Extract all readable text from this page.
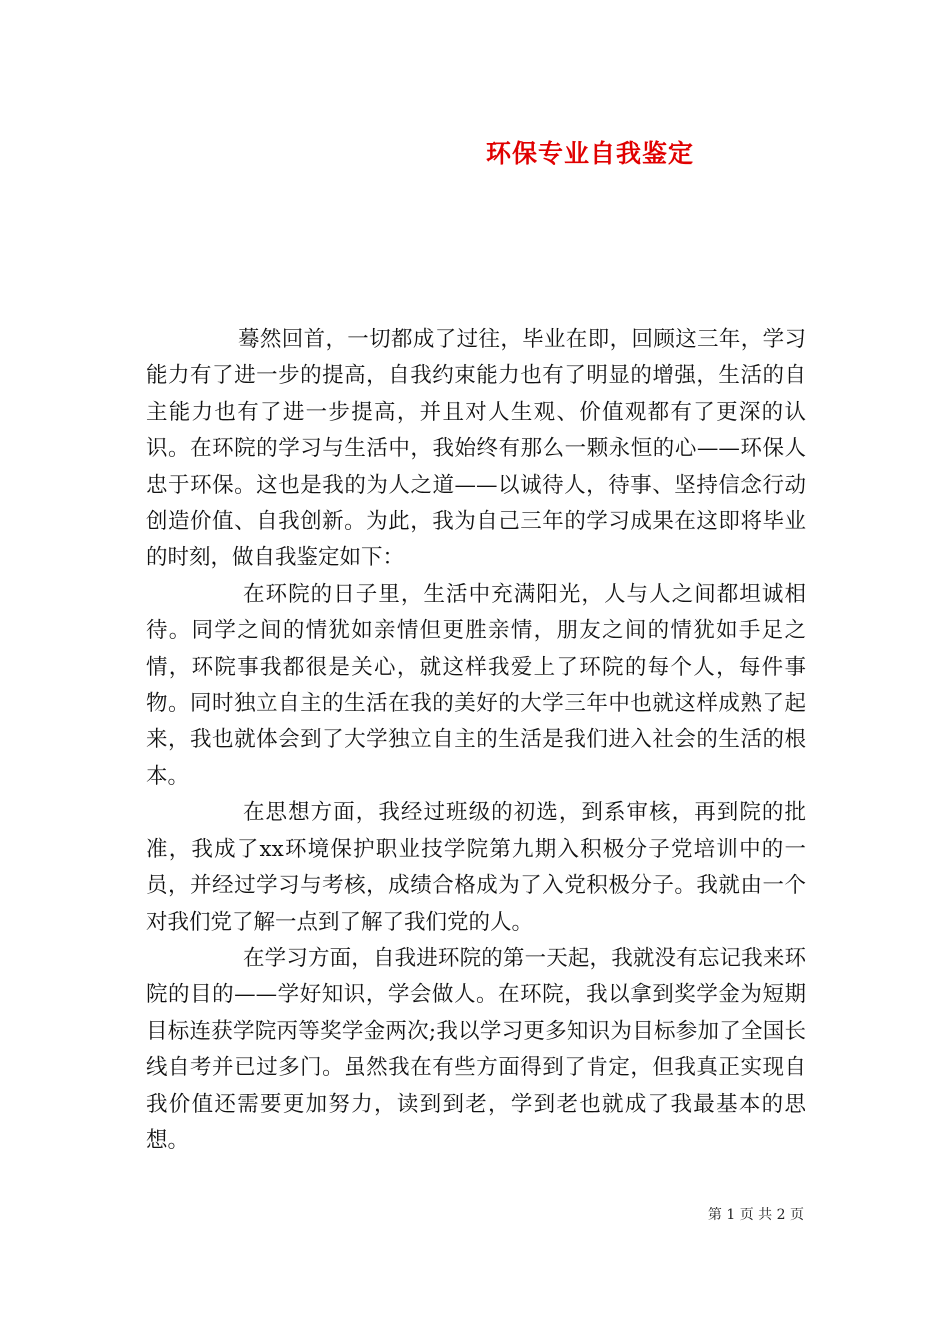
环保专业自我鉴定

蓦然回首，一切都成了过往，毕业在即，回顾这三年，学习能力有了进一步的提高，自我约束能力也有了明显的增强，生活的自主能力也有了进一步提高，并且对人生观、价值观都有了更深的认识。在环院的学习与生活中，我始终有那么一颗永恒的心——环保人忠于环保。这也是我的为人之道——以诚待人，待事、坚持信念行动创造价值、自我创新。为此，我为自己三年的学习成果在这即将毕业的时刻，做自我鉴定如下：

在环院的日子里，生活中充满阳光，人与人之间都坦诚相待。同学之间的情犹如亲情但更胜亲情，朋友之间的情犹如手足之情，环院事我都很是关心，就这样我爱上了环院的每个人，每件事物。同时独立自主的生活在我的美好的大学三年中也就这样成熟了起来，我也就体会到了大学独立自主的生活是我们进入社会的生活的根本。

在思想方面，我经过班级的初选，到系审核，再到院的批准，我成了xx环境保护职业技学院第九期入积极分子党培训中的一员，并经过学习与考核，成绩合格成为了入党积极分子。我就由一个对我们党了解一点到了解了我们党的人。

在学习方面，自我进环院的第一天起，我就没有忘记我来环院的目的——学好知识，学会做人。在环院，我以拿到奖学金为短期目标连获学院丙等奖学金两次;我以学习更多知识为目标参加了全国长线自考并已过多门。虽然我在有些方面得到了肯定，但我真正实现自我价值还需要更加努力，读到到老，学到老也就成了我最基本的思想。

第 1 页 共 2 页
